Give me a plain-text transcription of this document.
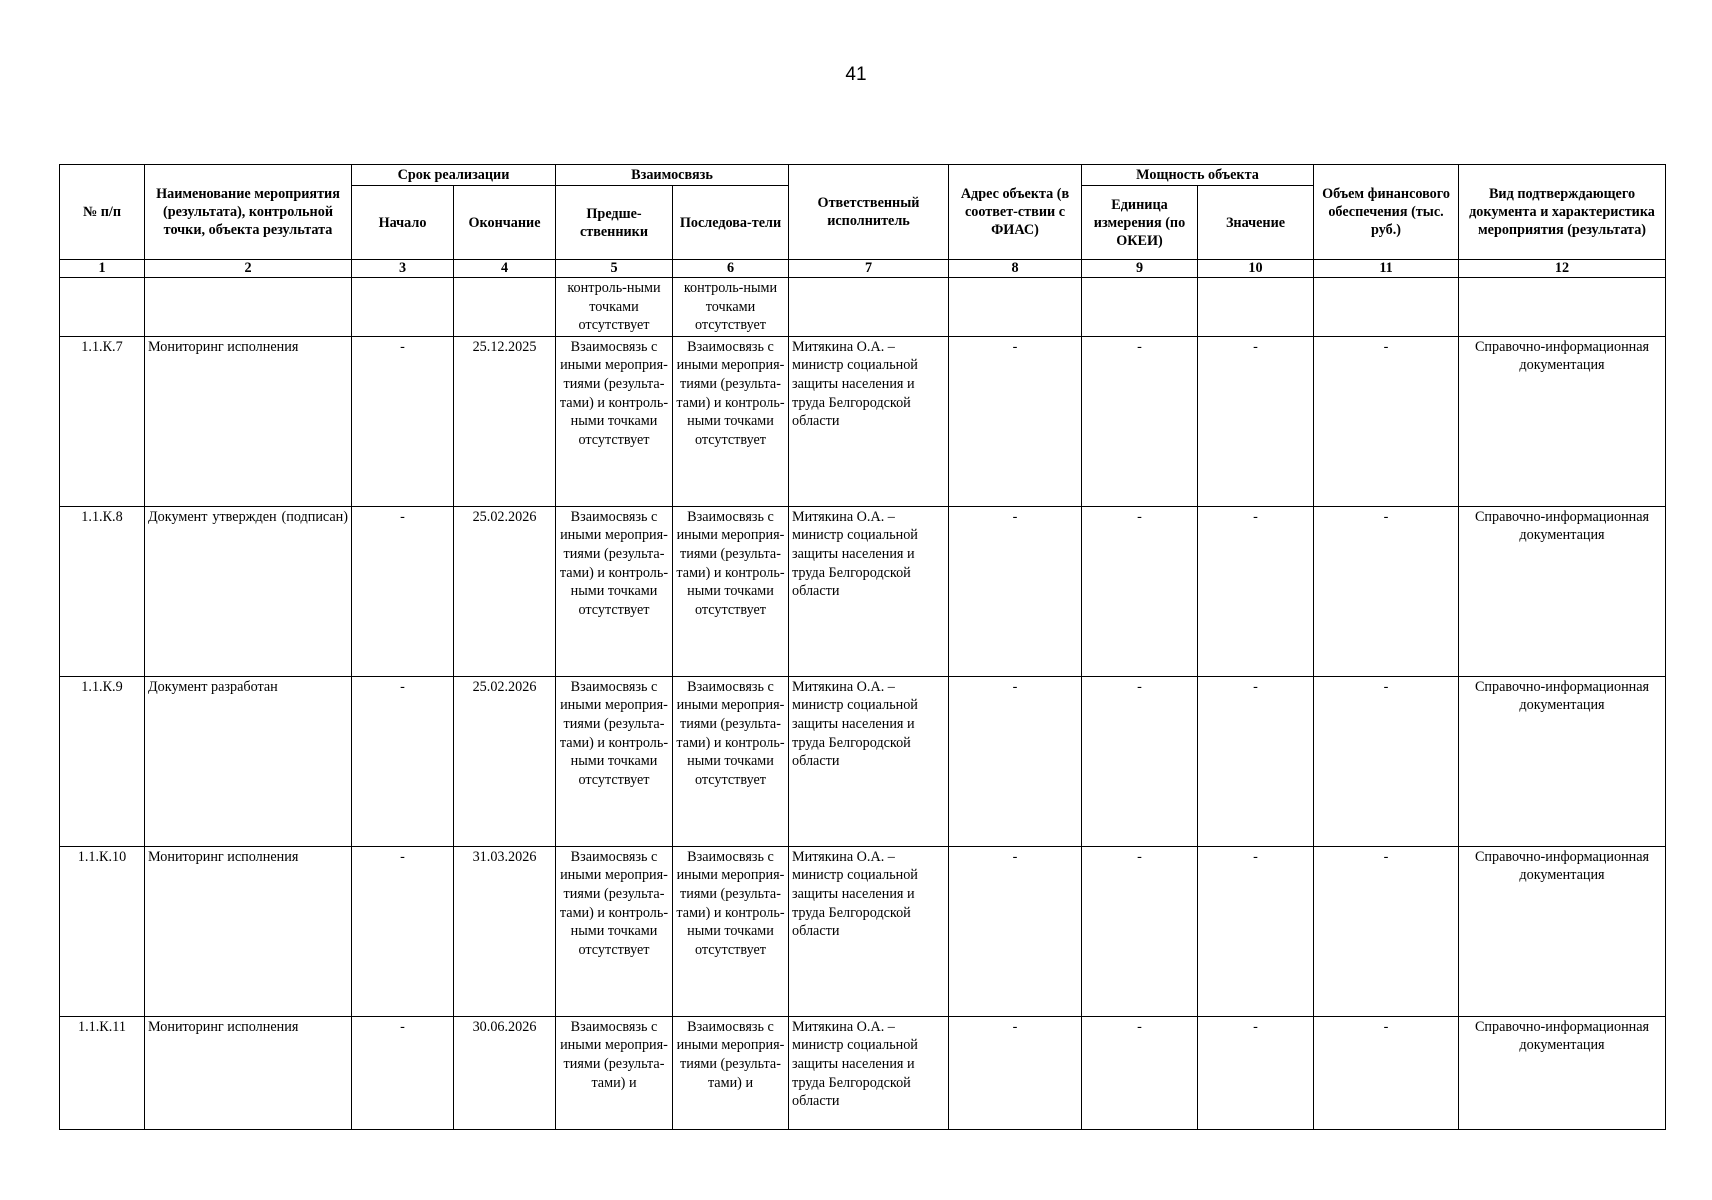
41
№ п/п	Наименование мероприятия (результата), контрольной точки, объекта результата	Срок реализации		Взаимосвязь		Ответственный исполнитель	Адрес объекта (в соответ-ствии с ФИАС)	Мощность объекта		Объем финансового обеспечения (тыс. руб.)	Вид подтверждающего документа и характеристика мероприятия (результата)
		Начало	Окончание	Предше-ственники	Последова-тели			Единица измерения (по ОКЕИ)	Значение		
1	2	3	4	5	6	7	8	9	10	11	12
				контроль-ными точками отсутствует	контроль-ными точками отсутствует						
1.1.К.7	Мониторинг исполнения	-	25.12.2025	Взаимосвязь с иными мероприя-тиями (результа-тами) и контроль-ными точками отсутствует	Взаимосвязь с иными мероприя-тиями (результа-тами) и контроль-ными точками отсутствует	Митякина О.А. – министр социальной защиты населения и труда Белгородской области	-	-	-	-	Справочно-информационная документация
1.1.К.8	Документ утвержден (подписан)	-	25.02.2026	Взаимосвязь с иными мероприя-тиями (результа-тами) и контроль-ными точками отсутствует	Взаимосвязь с иными мероприя-тиями (результа-тами) и контроль-ными точками отсутствует	Митякина О.А. – министр социальной защиты населения и труда Белгородской области	-	-	-	-	Справочно-информационная документация
1.1.К.9	Документ разработан	-	25.02.2026	Взаимосвязь с иными мероприя-тиями (результа-тами) и контроль-ными точками отсутствует	Взаимосвязь с иными мероприя-тиями (результа-тами) и контроль-ными точками отсутствует	Митякина О.А. – министр социальной защиты населения и труда Белгородской области	-	-	-	-	Справочно-информационная документация
1.1.К.10	Мониторинг исполнения	-	31.03.2026	Взаимосвязь с иными мероприя-тиями (результа-тами) и контроль-ными точками отсутствует	Взаимосвязь с иными мероприя-тиями (результа-тами) и контроль-ными точками отсутствует	Митякина О.А. – министр социальной защиты населения и труда Белгородской области	-	-	-	-	Справочно-информационная документация
1.1.К.11	Мониторинг исполнения	-	30.06.2026	Взаимосвязь с иными мероприя-тиями (результа-тами) и	Взаимосвязь с иными мероприя-тиями (результа-тами) и	Митякина О.А. – министр социальной защиты населения и труда Белгородской области	-	-	-	-	Справочно-информационная документация
